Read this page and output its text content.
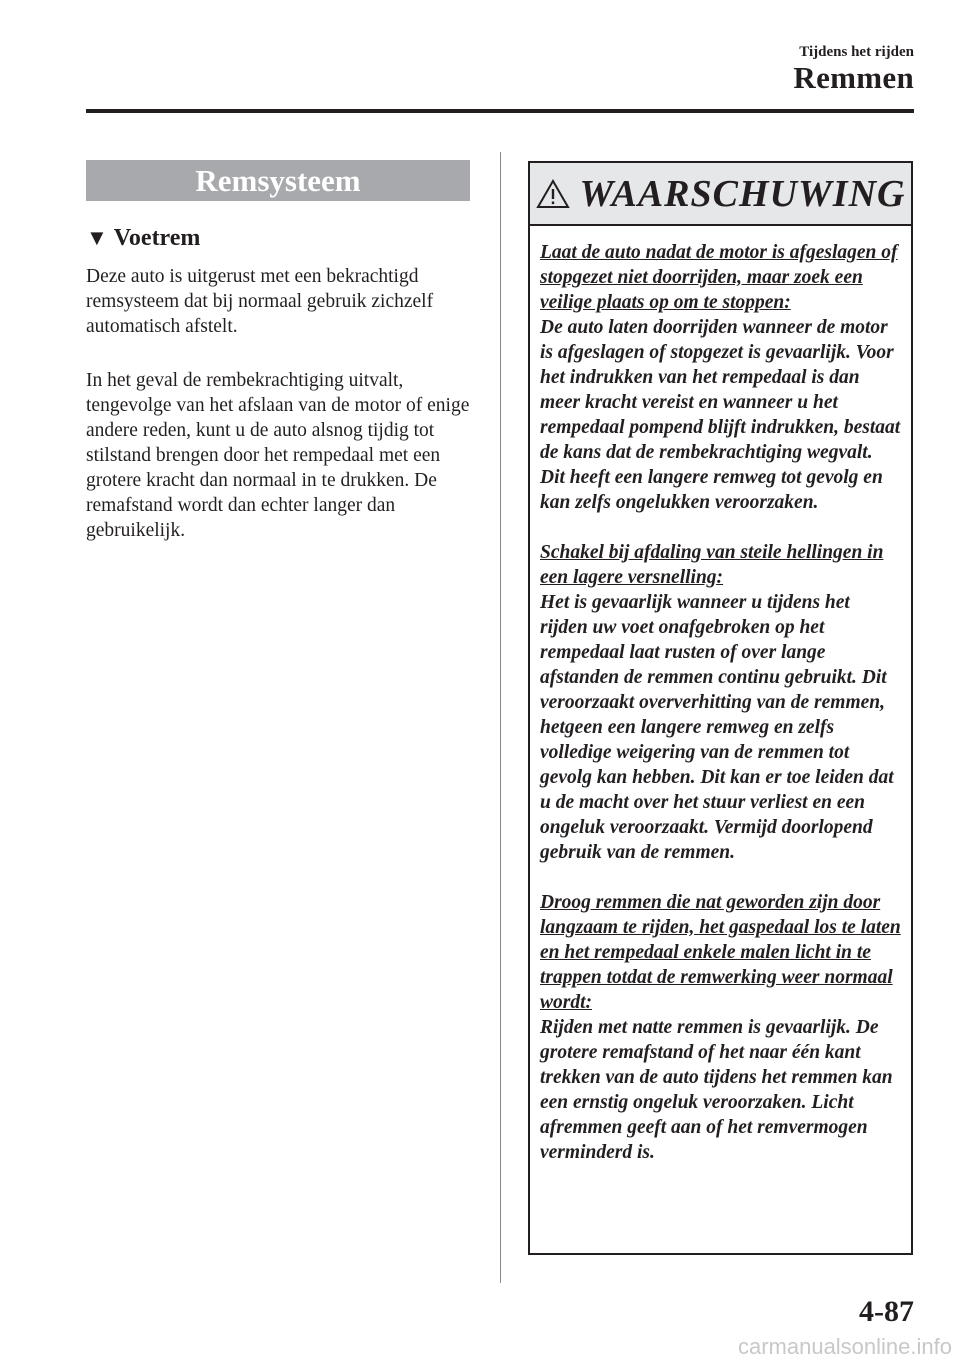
Tijdens het rijden
Remmen
Remsysteem
▼ Voetrem

Deze auto is uitgerust met een bekrachtigd remsysteem dat bij normaal gebruik zichzelf automatisch afstelt.

In het geval de rembekrachtiging uitvalt, tengevolge van het afslaan van de motor of enige andere reden, kunt u de auto alsnog tijdig tot stilstand brengen door het rempedaal met een grotere kracht dan normaal in te drukken. De remafstand wordt dan echter langer dan gebruikelijk.

WAARSCHUWING
Laat de auto nadat de motor is afgeslagen of stopgezet niet doorrijden, maar zoek een veilige plaats op om te stoppen:
De auto laten doorrijden wanneer de motor is afgeslagen of stopgezet is gevaarlijk. Voor het indrukken van het rempedaal is dan meer kracht vereist en wanneer u het rempedaal pompend blijft indrukken, bestaat de kans dat de rembekrachtiging wegvalt. Dit heeft een langere remweg tot gevolg en kan zelfs ongelukken veroorzaken.
Schakel bij afdaling van steile hellingen in een lagere versnelling:
Het is gevaarlijk wanneer u tijdens het rijden uw voet onafgebroken op het rempedaal laat rusten of over lange afstanden de remmen continu gebruikt. Dit veroorzaakt oververhitting van de remmen, hetgeen een langere remweg en zelfs volledige weigering van de remmen tot gevolg kan hebben. Dit kan er toe leiden dat u de macht over het stuur verliest en een ongeluk veroorzaakt. Vermijd doorlopend gebruik van de remmen.
Droog remmen die nat geworden zijn door langzaam te rijden, het gaspedaal los te laten en het rempedaal enkele malen licht in te trappen totdat de remwerking weer normaal wordt:
Rijden met natte remmen is gevaarlijk. De grotere remafstand of het naar één kant trekken van de auto tijdens het remmen kan een ernstig ongeluk veroorzaken. Licht afremmen geeft aan of het remvermogen verminderd is.
4-87
carmanualsonline.info
